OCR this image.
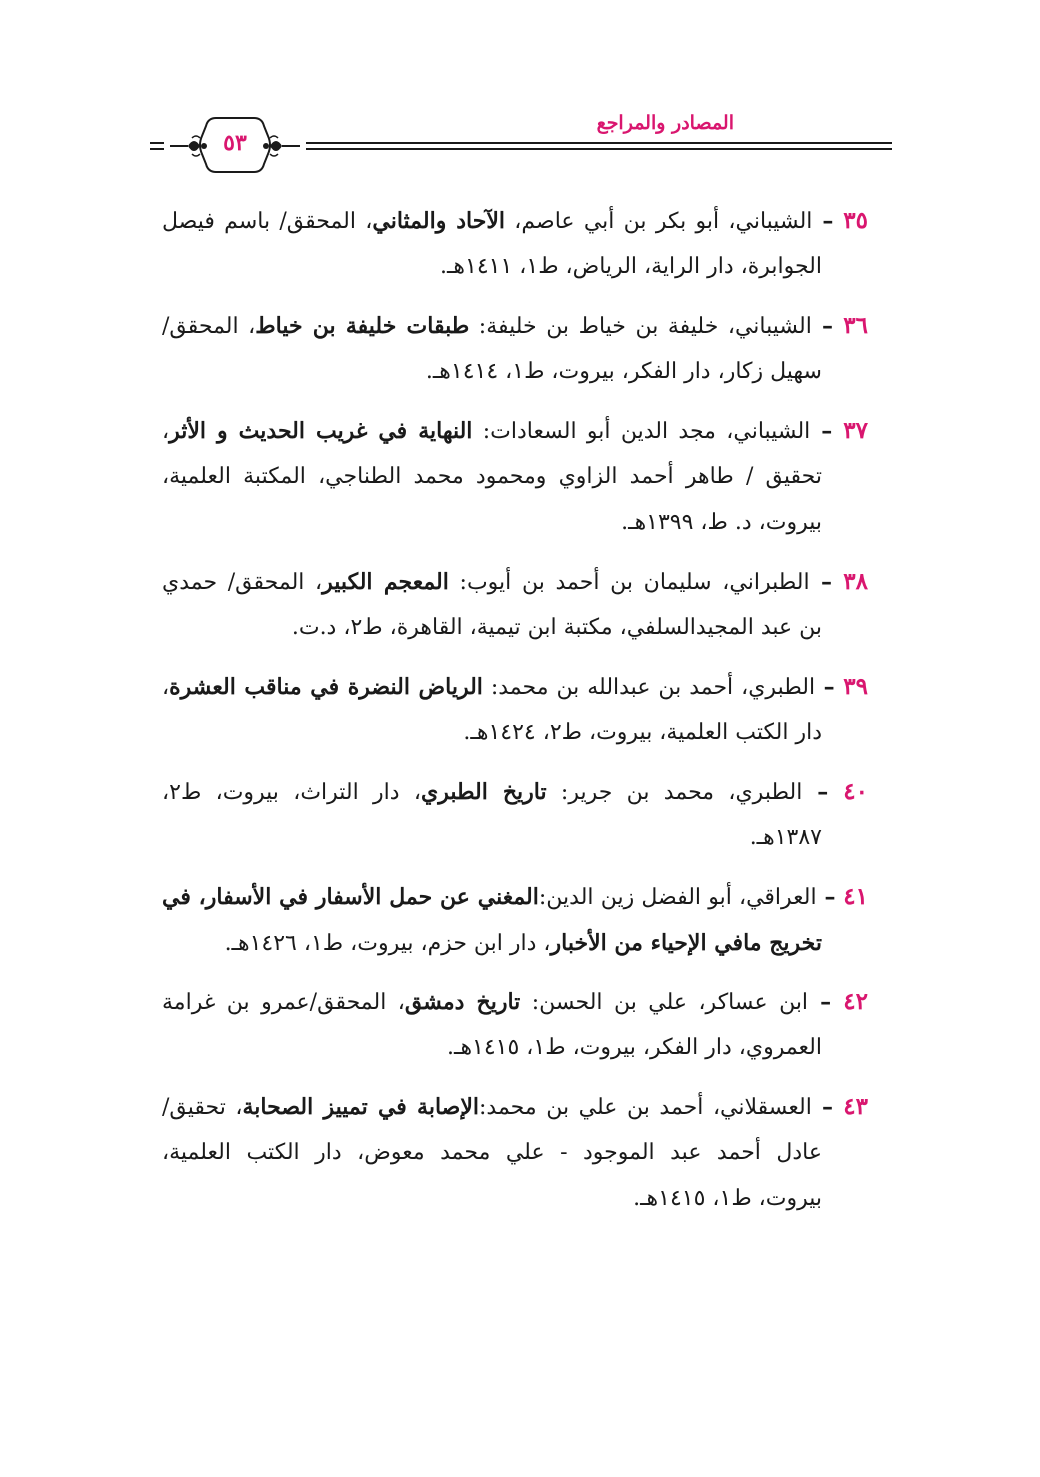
المصادر والمراجع
٥٣
٣٥ – الشيباني، أبو بكر بن أبي عاصم، الآحاد والمثاني، المحقق/ باسم فيصل
الجوابرة، دار الراية، الرياض، ط١، ١٤١١هـ.
٣٦ – الشيباني، خليفة بن خياط بن خليفة: طبقات خليفة بن خياط، المحقق/
سهيل زكار، دار الفكر، بيروت، ط١، ١٤١٤هـ.
٣٧ – الشيباني، مجد الدين أبو السعادات: النهاية في غريب الحديث و الأثر،
تحقيق / طاهر أحمد الزاوي ومحمود محمد الطناجي، المكتبة العلمية،
بيروت، د. ط، ١٣٩٩هـ.
٣٨ – الطبراني، سليمان بن أحمد بن أيوب: المعجم الكبير، المحقق/ حمدي
بن عبد المجيدالسلفي، مكتبة ابن تيمية، القاهرة، ط٢، د.ت.
٣٩ – الطبري، أحمد بن عبدالله بن محمد: الرياض النضرة في مناقب العشرة،
دار الكتب العلمية، بيروت، ط٢، ١٤٢٤هـ.
٤٠ – الطبري، محمد بن جرير: تاريخ الطبري، دار التراث، بيروت، ط٢،
١٣٨٧هـ.
٤١ – العراقي، أبو الفضل زين الدين:المغني عن حمل الأسفار في الأسفار، في
تخريج مافي الإحياء من الأخبار، دار ابن حزم، بيروت، ط١، ١٤٢٦هـ.
٤٢ – ابن عساكر، علي بن الحسن: تاريخ دمشق، المحقق/عمرو بن غرامة
العمروي، دار الفكر، بيروت، ط١، ١٤١٥هـ.
٤٣ – العسقلاني، أحمد بن علي بن محمد:الإصابة في تمييز الصحابة، تحقيق/
عادل أحمد عبد الموجود - علي محمد معوض، دار الكتب العلمية،
بيروت، ط١، ١٤١٥هـ.
